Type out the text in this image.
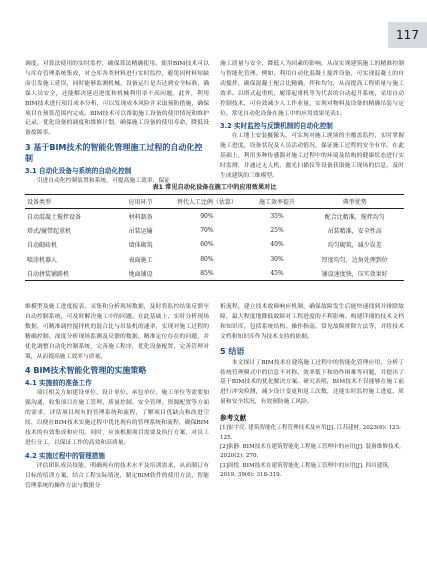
117

调度。对算法使用的实时监控，确保算法精确使用。使用BIM技术可以与库存管理系统集成，对仓库各类材料进行实时监控，避免因材料短缺而引发施工延误，同时能够监测机械、设备运行是否达到安全标准，确保人员安全，还能解决延迟进度和机械利用率不高问题。此外，利用BIM技术进行项目成本分析，可以发现成本风险并采取预防措施，确保项目在预算范围内完成。BIM技术可以帮助施工设备的使用情况和维护记录，优化设备的调度和维修计划，确保施工设备的使用寿命，降低设备故障率。

3 基于BIM技术的智能化管理施工过程的自动化控制
3.1 自动化设备与系统的自动化控制

引进自动化控制装置和系统，可提高施工效率，保证

施工质量与安全，降低人为因素的影响，从而实现建筑施工的精准控制与智能化管理。例如，利用自动化混凝土搅拌设备，可实现混凝土的自动搅拌，确保混凝土配合比精确，拌和均匀，从而提高工程质量与施工效率。以塔式起重机、履带起重机等为代表的自动起升系统，采用自动控制技术，可有效减少人工作业量，实现对物料及设备的精确吊装与定位。常见自动化设备在施工中的应用效果见表1。

3.2 实时监控与反馈机制的自动化控制

在工地上安装摄像头，可实现对施工现场的全覆盖监控，实时掌握施工进度，设备状况及人员活动情况，保证施工过程的安全有序。在此基础上，利用多种传感器对施工过程中的环境及结构的健康状态进行实时监测，并通过无人机、激光扫描仪等设备获取施工现场的信息，及时生成建筑的三维模型。

表1 常见自动化设备在施工中的应用效果对比
设备类型	应用环节	替代人工比例（估算）	施工效率提升	典型优势
自动混凝土搅拌设备	材料制备	90%	35%	配合比精准，搅拌均匀
塔式/履带起重机	吊装运输	70%	25%	吊装精准，安全性高
自动砌砖机	墙体砌筑	60%	40%	均匀砌筑，减少误差
喷涂机器人	表面施工	80%	30%	厚度均匀，边角处理到位
自动拼装铺路机	地面铺设	85%	45%	铺设速度快，压实效果好

维模型及施工进度报表。采集和分析现场数据，及时将监控结果反馈至自动控制系统，可及时解决施工中的问题。在此基础上，实时分析现场数据，可精准调控搅拌机的混合比与吊装机的速率，实现对施工过程的精确控制。深度分析现场监测及反馈的数据，精准定位存在的问题，并优化调整自动化控制系统，完善施工程序，优化设备配置，完善管理对策，从而提高施工效率与质量。

4 BIM技术智能化管理的实施策略
4.1 实施前的准备工作

项目相关方如建设单位、设计单位、承包单位、施工单位等需要加强沟通，收集项目在施工管理、质量控制、安全管理、资源配置等方面的需求，评估项目现有的管理系统和流程，了解项目优缺点和改进空间，以便在BIM技术实施过程中优化现有的管理系统和流程，确保BIM技术的有效集成和应用。同时，应该根据项目需要及执行方案，对员工进行分工，以保证工作的高效和高质量。

4.2 实施过程中的管理措施

评估团队成员技能，明确现有的技术水平及培训需求，从而制订有目标的培训方案。结合工程实际情况，制定BIM软件的使用方法、智能管理系统的操作方法与数据分

析流程。建立技术故障响应机制，确保故障发生后能快速找到并排除故障，最大程度地降低故障对工程进度的不利影响。构建详细的技术文档和知识库，包括系统结构、操作指南、常见故障排除方法等，并将技术文档和知识库作为技术支持的依据。

5 结语

本文探讨了BIM技术在建筑施工过程中的智能化管理应用，分析了传统管理模式中的信息不对称、效率低下和协作困难等问题，并提出了基于BIM技术的优化解决方案。研究表明，BIM技术不仅能够在施工前进行冲突检测，减少设计变更和返工次数，还能实时监控施工进度、质量和安全状况，有效预防施工风险。

参考文献

[1]崔宇亮. 建筑智能化工程管理技术及应用[J]. 江苏建材, 2023(6): 123-125.

[2]张静. BIM技术在建筑智能化工程施工管理中的应用[J]. 装备维修技术, 2020(2): 270.

[3]周悦. BIM技术在建筑智能化工程施工管理中的应用[J]. 四川建筑, 2019, 39(6): 318-319.
